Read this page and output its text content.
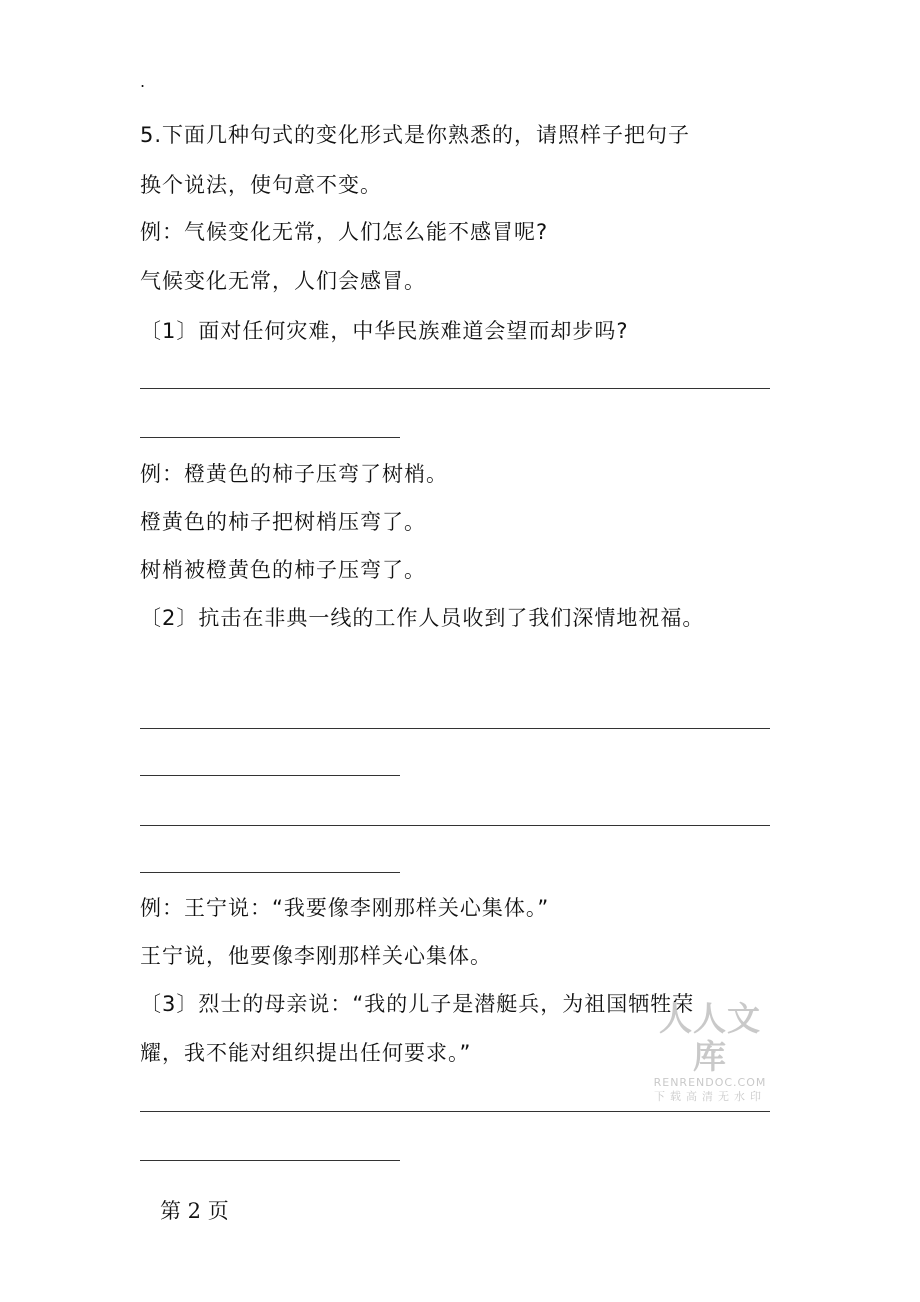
.
5.下面几种句式的变化形式是你熟悉的，请照样子把句子
换个说法，使句意不变。
例：气候变化无常，人们怎么能不感冒呢?
气候变化无常，人们会感冒。
〔1〕面对任何灾难，中华民族难道会望而却步吗?
例：橙黄色的柿子压弯了树梢。
橙黄色的柿子把树梢压弯了。
树梢被橙黄色的柿子压弯了。
〔2〕抗击在非典一线的工作人员收到了我们深情地祝福。
例：王宁说：“我要像李刚那样关心集体。”
王宁说，他要像李刚那样关心集体。
〔3〕烈士的母亲说：“我的儿子是潜艇兵，为祖国牺牲荣
耀，我不能对组织提出任何要求。”
第 2 页
人人文库
RENRENDOC.COM
下载高清无水印
